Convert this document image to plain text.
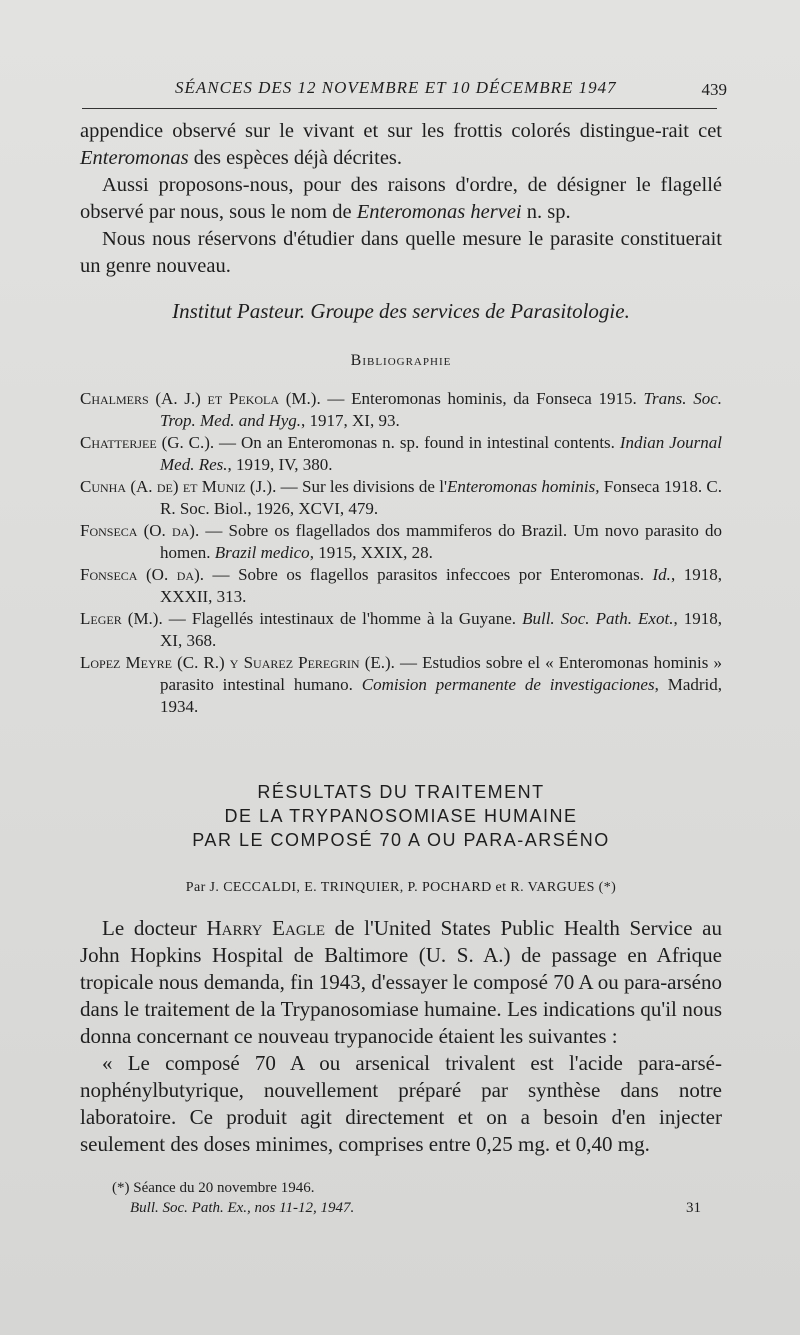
SÉANCES DES 12 NOVEMBRE ET 10 DÉCEMBRE 1947	439

appendice observé sur le vivant et sur les frottis colorés distingue-rait cet Enteromonas des espèces déjà décrites.

Aussi proposons-nous, pour des raisons d'ordre, de désigner le flagellé observé par nous, sous le nom de Enteromonas hervei n. sp.

Nous nous réservons d'étudier dans quelle mesure le parasite constituerait un genre nouveau.

Institut Pasteur. Groupe des services de Parasitologie.

Bibliographie

Chalmers (A. J.) et Pekola (M.). — Enteromonas hominis, da Fonseca 1915. Trans. Soc. Trop. Med. and Hyg., 1917, XI, 93.

Chatterjee (G. C.). — On an Enteromonas n. sp. found in intestinal contents. Indian Journal Med. Res., 1919, IV, 380.

Cunha (A. de) et Muniz (J.). — Sur les divisions de l'Enteromonas hominis, Fonseca 1918. C. R. Soc. Biol., 1926, XCVI, 479.

Fonseca (O. da). — Sobre os flagellados dos mammiferos do Brazil. Um novo parasito do homen. Brazil medico, 1915, XXIX, 28.

Fonseca (O. da). — Sobre os flagellos parasitos infeccoes por Enteromonas. Id., 1918, XXXII, 313.

Leger (M.). — Flagellés intestinaux de l'homme à la Guyane. Bull. Soc. Path. Exot., 1918, XI, 368.

Lopez Meyre (C. R.) y Suarez Peregrin (E.). — Estudios sobre el « Enteromonas hominis » parasito intestinal humano. Comision permanente de investigaciones, Madrid, 1934.

RÉSULTATS DU TRAITEMENT
DE LA TRYPANOSOMIASE HUMAINE
PAR LE COMPOSÉ 70 A OU PARA-ARSÉNO

Par J. CECCALDI, E. TRINQUIER, P. POCHARD et R. VARGUES (*)

Le docteur Harry Eagle de l'United States Public Health Service au John Hopkins Hospital de Baltimore (U. S. A.) de passage en Afrique tropicale nous demanda, fin 1943, d'essayer le composé 70 A ou para-arséno dans le traitement de la Trypanosomiase humaine. Les indications qu'il nous donna concernant ce nouveau trypanocide étaient les suivantes :

« Le composé 70 A ou arsenical trivalent est l'acide para-arsé-nophénylbutyrique, nouvellement préparé par synthèse dans notre laboratoire. Ce produit agit directement et on a besoin d'en injecter seulement des doses minimes, comprises entre 0,25 mg. et 0,40 mg.

(*) Séance du 20 novembre 1946.
Bull. Soc. Path. Ex., nos 11-12, 1947.	31
